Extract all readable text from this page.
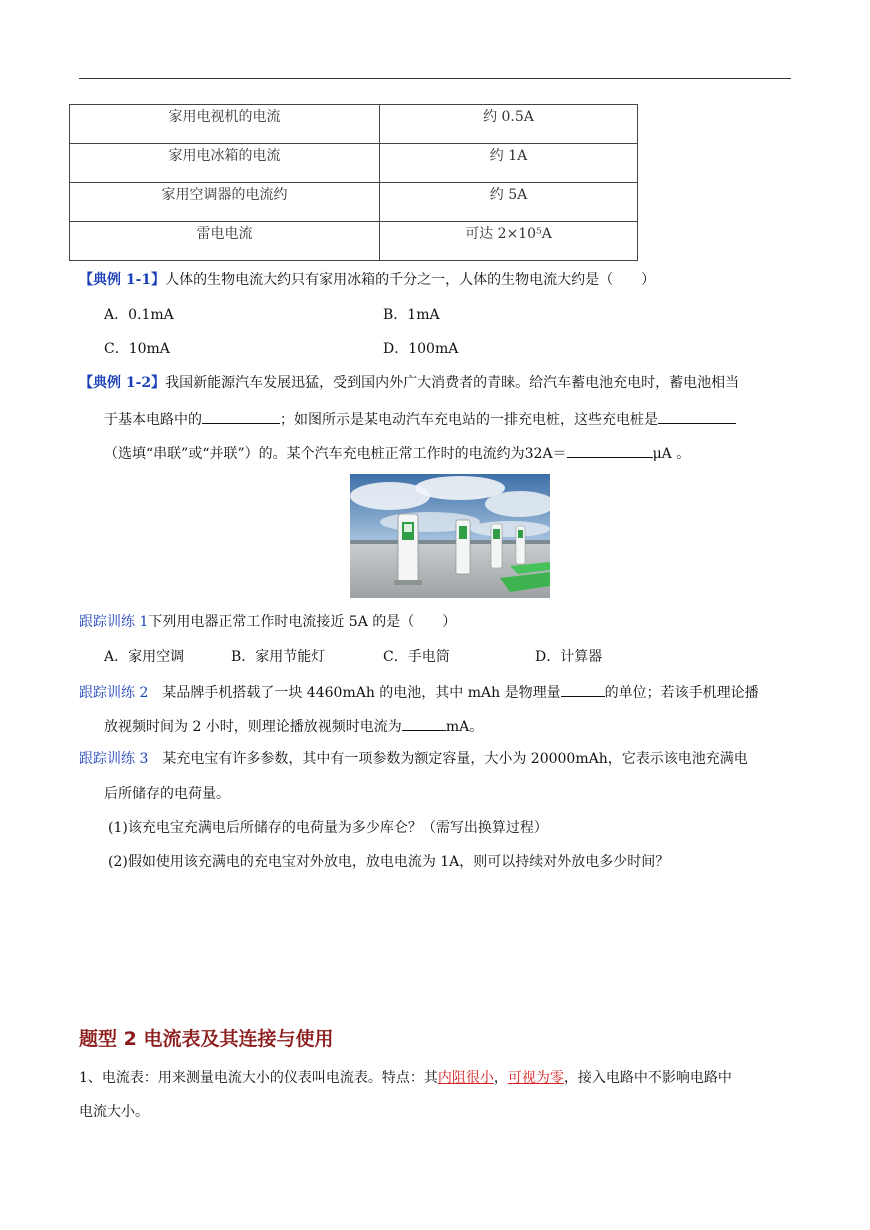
家用电视机的电流	约 0.5A
家用电冰箱的电流	约 1A
家用空调器的电流约	约 5A
雷电电流	可达 2×10⁵A
【典例 1-1】人体的生物电流大约只有家用冰箱的千分之一，人体的生物电流大约是（　　）
A．0.1mA	B．1mA
C．10mA	D．100mA
【典例 1-2】我国新能源汽车发展迅猛，受到国内外广大消费者的青睐。给汽车蓄电池充电时，蓄电池相当
于基本电路中的	；如图所示是某电动汽车充电站的一排充电桩，这些充电桩是
（选填“串联”或“并联”）的。某个汽车充电桩正常工作时的电流约为32A＝	μA 。
跟踪训练 1下列用电器正常工作时电流接近 5A 的是（　　）
A．家用空调	B．家用节能灯	C．手电筒	D．计算器
跟踪训练 2　 某品牌手机搭载了一块 4460mAh 的电池，其中 mAh 是物理量	的单位；若该手机理论播
放视频时间为 2 小时，则理论播放视频时电流为	mA。
跟踪训练 3　 某充电宝有许多参数，其中有一项参数为额定容量，大小为 20000mAh，它表示该电池充满电
后所储存的电荷量。
(1)该充电宝充满电后所储存的电荷量为多少库仑？（需写出换算过程）
(2)假如使用该充满电的充电宝对外放电，放电电流为 1A，则可以持续对外放电多少时间？
题型 2 电流表及其连接与使用
1、电流表：用来测量电流大小的仪表叫电流表。特点：其内阻很小，可视为零，接入电路中不影响电路中
电流大小。
